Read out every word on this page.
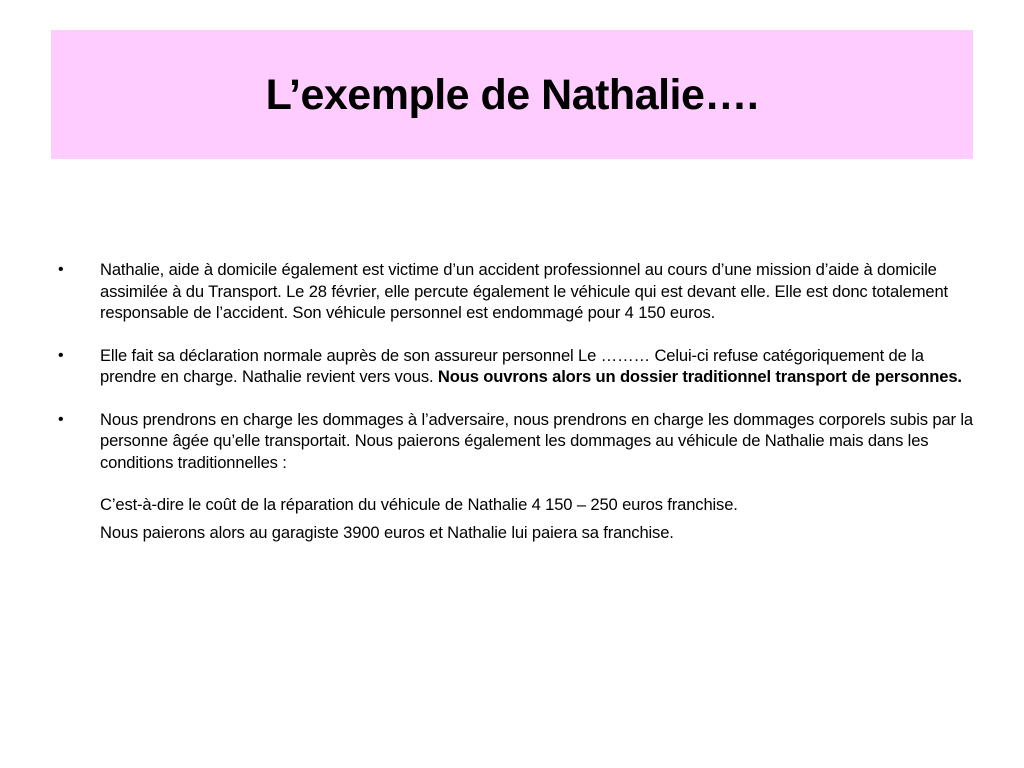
L’exemple de Nathalie….
•	Nathalie, aide à domicile également est victime d’un accident professionnel au cours d’une mission d’aide à domicile assimilée à du Transport. Le 28 février, elle percute également le véhicule qui est devant elle. Elle est donc totalement responsable de l’accident. Son véhicule personnel est endommagé pour 4 150 euros.
•	Elle fait sa déclaration normale auprès de son assureur personnel Le ……… Celui-ci refuse catégoriquement de la prendre en charge. Nathalie revient vers vous. Nous ouvrons alors un dossier traditionnel transport de personnes.
•	Nous prendrons en charge les dommages à l’adversaire, nous prendrons en charge les dommages corporels subis par la personne âgée qu’elle transportait. Nous paierons également les dommages au véhicule de Nathalie mais dans les conditions traditionnelles :
C’est-à-dire le coût de la réparation du véhicule de Nathalie 4 150 – 250 euros franchise.
Nous paierons alors au garagiste 3900 euros et Nathalie lui paiera sa franchise.
